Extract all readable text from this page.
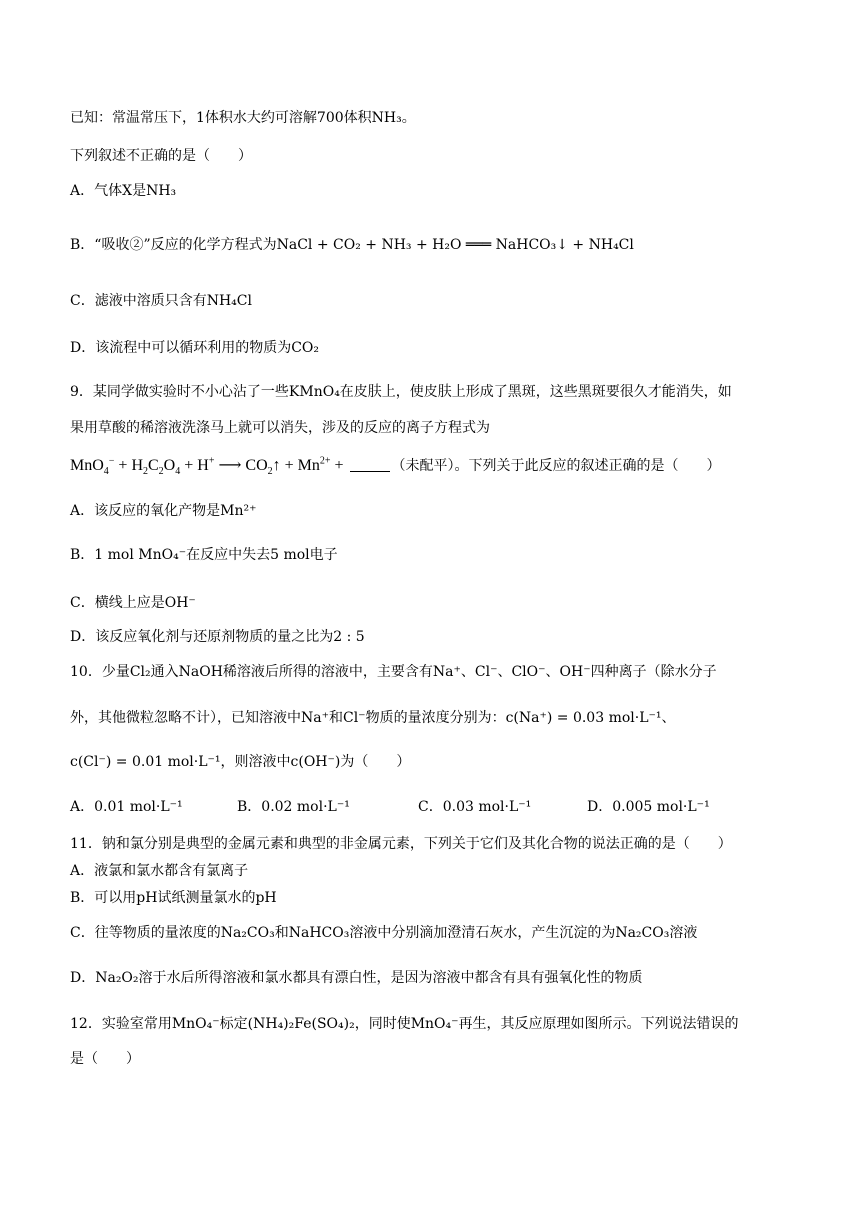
已知：常温常压下，1体积水大约可溶解700体积NH₃。
下列叙述不正确的是（　　）
A．气体X是NH₃
B．“吸收②”反应的化学方程式为NaCl + CO₂ + NH₃ + H₂O ═══ NaHCO₃↓ + NH₄Cl
C．滤液中溶质只含有NH₄Cl
D．该流程中可以循环利用的物质为CO₂
9．某同学做实验时不小心沾了一些KMnO₄在皮肤上，使皮肤上形成了黑斑，这些黑斑要很久才能消失，如
果用草酸的稀溶液洗涤马上就可以消失，涉及的反应的离子方程式为
$MnO_4^- + H_2C_2O_4 + H^+$ ⟶ $CO_2↑ + Mn^{2+}$ +	（未配平）。下列关于此反应的叙述正确的是（　　）
A．该反应的氧化产物是Mn²⁺
B．1 mol MnO₄⁻在反应中失去5 mol电子
C．横线上应是OH⁻
D．该反应氧化剂与还原剂物质的量之比为2 : 5
10．少量Cl₂通入NaOH稀溶液后所得的溶液中，主要含有Na⁺、Cl⁻、ClO⁻、OH⁻四种离子（除水分子
外，其他微粒忽略不计），已知溶液中Na⁺和Cl⁻物质的量浓度分别为：c(Na⁺) = 0.03 mol·L⁻¹、
c(Cl⁻) = 0.01 mol·L⁻¹，则溶液中c(OH⁻)为（　　）
A．0.01 mol·L⁻¹	B．0.02 mol·L⁻¹	C．0.03 mol·L⁻¹	D．0.005 mol·L⁻¹
11．钠和氯分别是典型的金属元素和典型的非金属元素，下列关于它们及其化合物的说法正确的是（　　）
A．液氯和氯水都含有氯离子
B．可以用pH试纸测量氯水的pH
C．往等物质的量浓度的Na₂CO₃和NaHCO₃溶液中分别滴加澄清石灰水，产生沉淀的为Na₂CO₃溶液
D．Na₂O₂溶于水后所得溶液和氯水都具有漂白性，是因为溶液中都含有具有强氧化性的物质
12．实验室常用MnO₄⁻标定(NH₄)₂Fe(SO₄)₂，同时使MnO₄⁻再生，其反应原理如图所示。下列说法错误的
是（　　）
